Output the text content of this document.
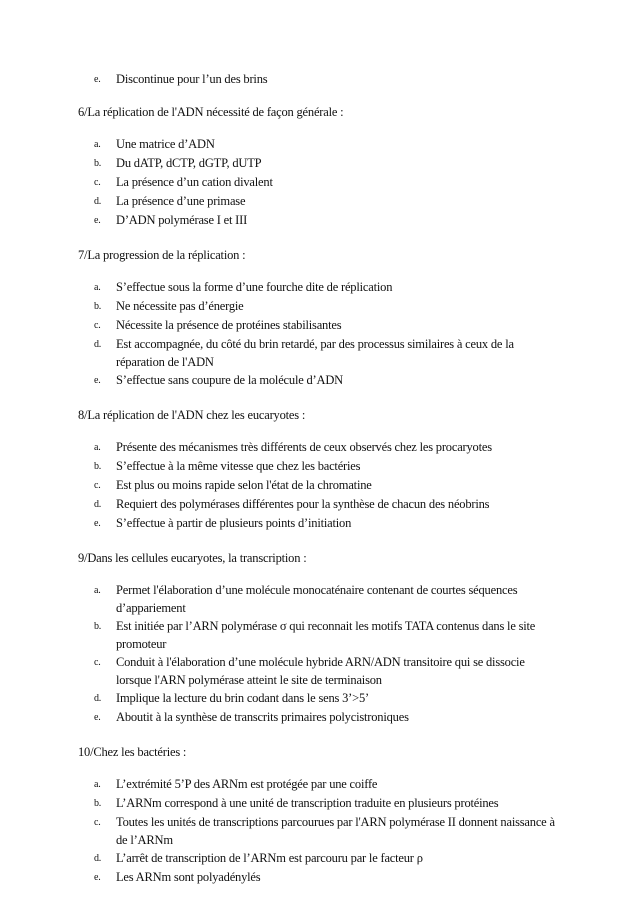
e.	Discontinue pour l’un des brins
6/La réplication de l'ADN nécessité de façon générale :
a.	Une matrice d’ADN
b.	Du dATP, dCTP, dGTP, dUTP
c.	La présence d’un cation divalent
d.	La présence d’une primase
e.	D’ADN polymérase I et III
7/La progression de la réplication :
a.	S’effectue sous la forme d’une fourche dite de réplication
b.	Ne nécessite pas d’énergie
c.	Nécessite la présence de protéines stabilisantes
d.	Est accompagnée, du côté du brin retardé, par des processus similaires à ceux de la réparation de l'ADN
e.	S’effectue sans coupure de la molécule d’ADN
8/La réplication de l'ADN chez les eucaryotes :
a.	Présente des mécanismes très différents de ceux observés chez les procaryotes
b.	S’effectue à la même vitesse que chez les bactéries
c.	Est plus ou moins rapide selon l'état de la chromatine
d.	Requiert des polymérases différentes pour la synthèse de chacun des néobrins
e.	S’effectue à partir de plusieurs points d’initiation
9/Dans les cellules eucaryotes, la transcription :
a.	Permet l'élaboration d’une molécule monocaténaire contenant de courtes séquences d’appariement
b.	Est initiée par l’ARN polymérase σ qui reconnait les motifs TATA contenus dans le site promoteur
c.	Conduit à l'élaboration d’une molécule hybride ARN/ADN transitoire qui se dissocie lorsque l'ARN polymérase atteint le site de terminaison
d.	Implique la lecture du brin codant dans le sens 3’>5’
e.	Aboutit à la synthèse de transcrits primaires polycistroniques
10/Chez les bactéries :
a.	L’extrémité 5’P des ARNm est protégée par une coiffe
b.	L’ARNm correspond à une unité de transcription traduite en plusieurs protéines
c.	Toutes les unités de transcriptions parcourues par l'ARN polymérase II donnent naissance à de l’ARNm
d.	L’arrêt de transcription de l’ARNm est parcouru par le facteur ρ
e.	Les ARNm sont polyadénylés
